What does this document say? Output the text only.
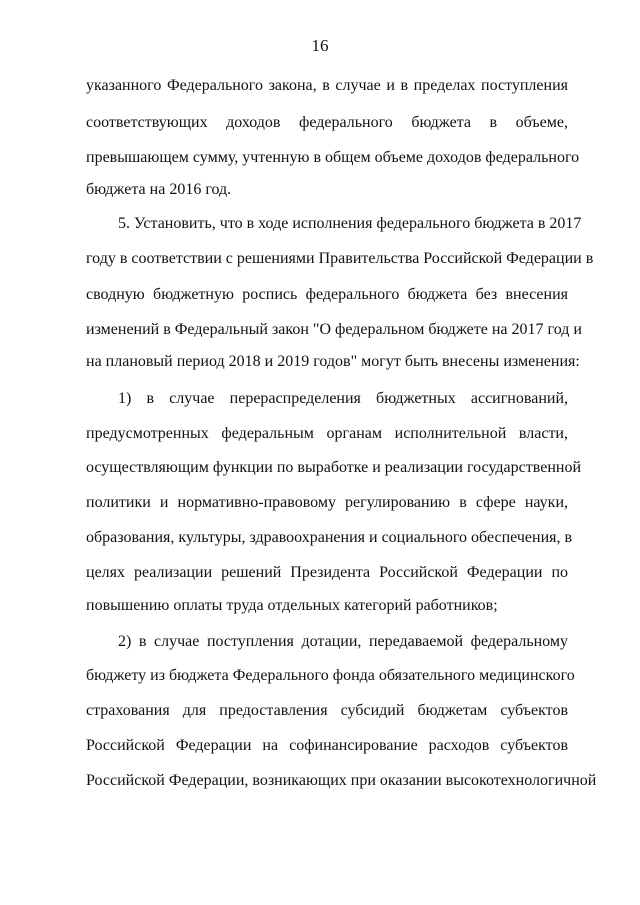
16
указанного Федерального закона, в случае и в пределах поступления
соответствующих доходов федерального бюджета в объеме,
превышающем сумму, учтенную в общем объеме доходов федерального
бюджета на 2016 год.
5. Установить, что в ходе исполнения федерального бюджета в 2017
году в соответствии с решениями Правительства Российской Федерации в
сводную бюджетную роспись федерального бюджета без внесения
изменений в Федеральный закон "О федеральном бюджете на 2017 год и
на плановый период 2018 и 2019 годов" могут быть внесены изменения:
1) в случае перераспределения бюджетных ассигнований,
предусмотренных федеральным органам исполнительной власти,
осуществляющим функции по выработке и реализации государственной
политики и нормативно-правовому регулированию в сфере науки,
образования, культуры, здравоохранения и социального обеспечения, в
целях реализации решений Президента Российской Федерации по
повышению оплаты труда отдельных категорий работников;
2) в случае поступления дотации, передаваемой федеральному
бюджету из бюджета Федерального фонда обязательного медицинского
страхования для предоставления субсидий бюджетам субъектов
Российской Федерации на софинансирование расходов субъектов
Российской Федерации, возникающих при оказании высокотехнологичной
